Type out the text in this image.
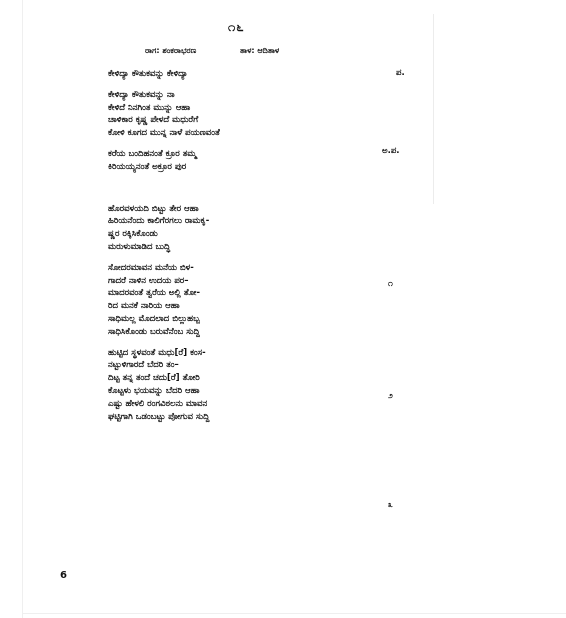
೧೬
ರಾಗ: ಶಂಕರಾಭರಣ	ತಾಳ: ಆದಿತಾಳ
ಕೇಳಿದ್ಯಾ ಕೌತುಕವನ್ನು ಕೇಳಿದ್ಯಾ
ಕೇಳಿದ್ಯಾ ಕೌತುಕವನ್ನು ನಾ
ಕೇಳಿದೆ ನಿನಗಿಂತ ಮುನ್ನು ಆಹಾ
ಚಾಳಿಕಾರ ಕೃಷ್ಣ ಪೇಳದೆ ಮಧುರೆಗೆ
ಕೋಳಿ ಕೂಗದ ಮುನ್ನ ನಾಳೆ ಪಯಣವಂತೆ
ಕರೆಯ ಬಂದಿಹನಂತೆ ಕ್ರೂರ ತಮ್ಮ
ಕಿರಿಯಯ್ಯನಂತೆ ಅಕ್ರೂರ ಪುರ
ಹೊರವಳಯದಿ ಬಿಟ್ಟು ತೇರ ಆಹಾ
ಹಿರಿಯನೆಂದು ಕಾಲಿಗೆರಗಲು ರಾಮಕೃ-
ಷ್ಣರ ರಕ್ಕಿಸಿಕೊಂಡು
ಮರುಳುಮಾಡಿದ ಬುದ್ಧಿ
ಸೋದರಮಾವನ ಮನೆಯ ಬಿಳ-
ಗಾದರೆ ನಾಳಿನ ಉದಯ ಪರ–
ಮಾದರವಂತೆ ತ್ವರೆಯ ಅಲ್ಲಿ ತೋ-
ರಿದ ಮನಕೆ ನಾರಿಯ ಆಹಾ
ಸಾಧಿಮಲ್ಲ ಮೊದಲಾದ ಬಿಲ್ಲುಹಬ್ಬ
ಸಾಧಿಸಿಕೊಂಡು ಬರುವೆನೆಂಬ ಸುದ್ದಿ
ಹುಟ್ಟಿದ ಸ್ಥಳವಂತೆ ಮಧು[ರೆ] ಕಂಸ-
ನಟ್ಟುಳಿಗಾರದೆ ಬೆದರಿ ತಂ–
ದಿಟ್ಟ ತನ್ನ ತಂದೆ ಚದು[ರೆ] ತೋರಿ
ಕೊಟ್ಟಳು ಭಯವನ್ನು ಬೆದರಿ ಆಹಾ
ಎಷ್ಟು ಹೇಳಲಿ ರಂಗವಿಠಲನು ಮಾವನ
ಘಟ್ಟಿಗಾಗಿ ಒಡಂಬಟ್ಟು ಪೋಗುವ ಸುದ್ದಿ
ಪ.
ಅ.ಪ.
೧
೨
೩
6
